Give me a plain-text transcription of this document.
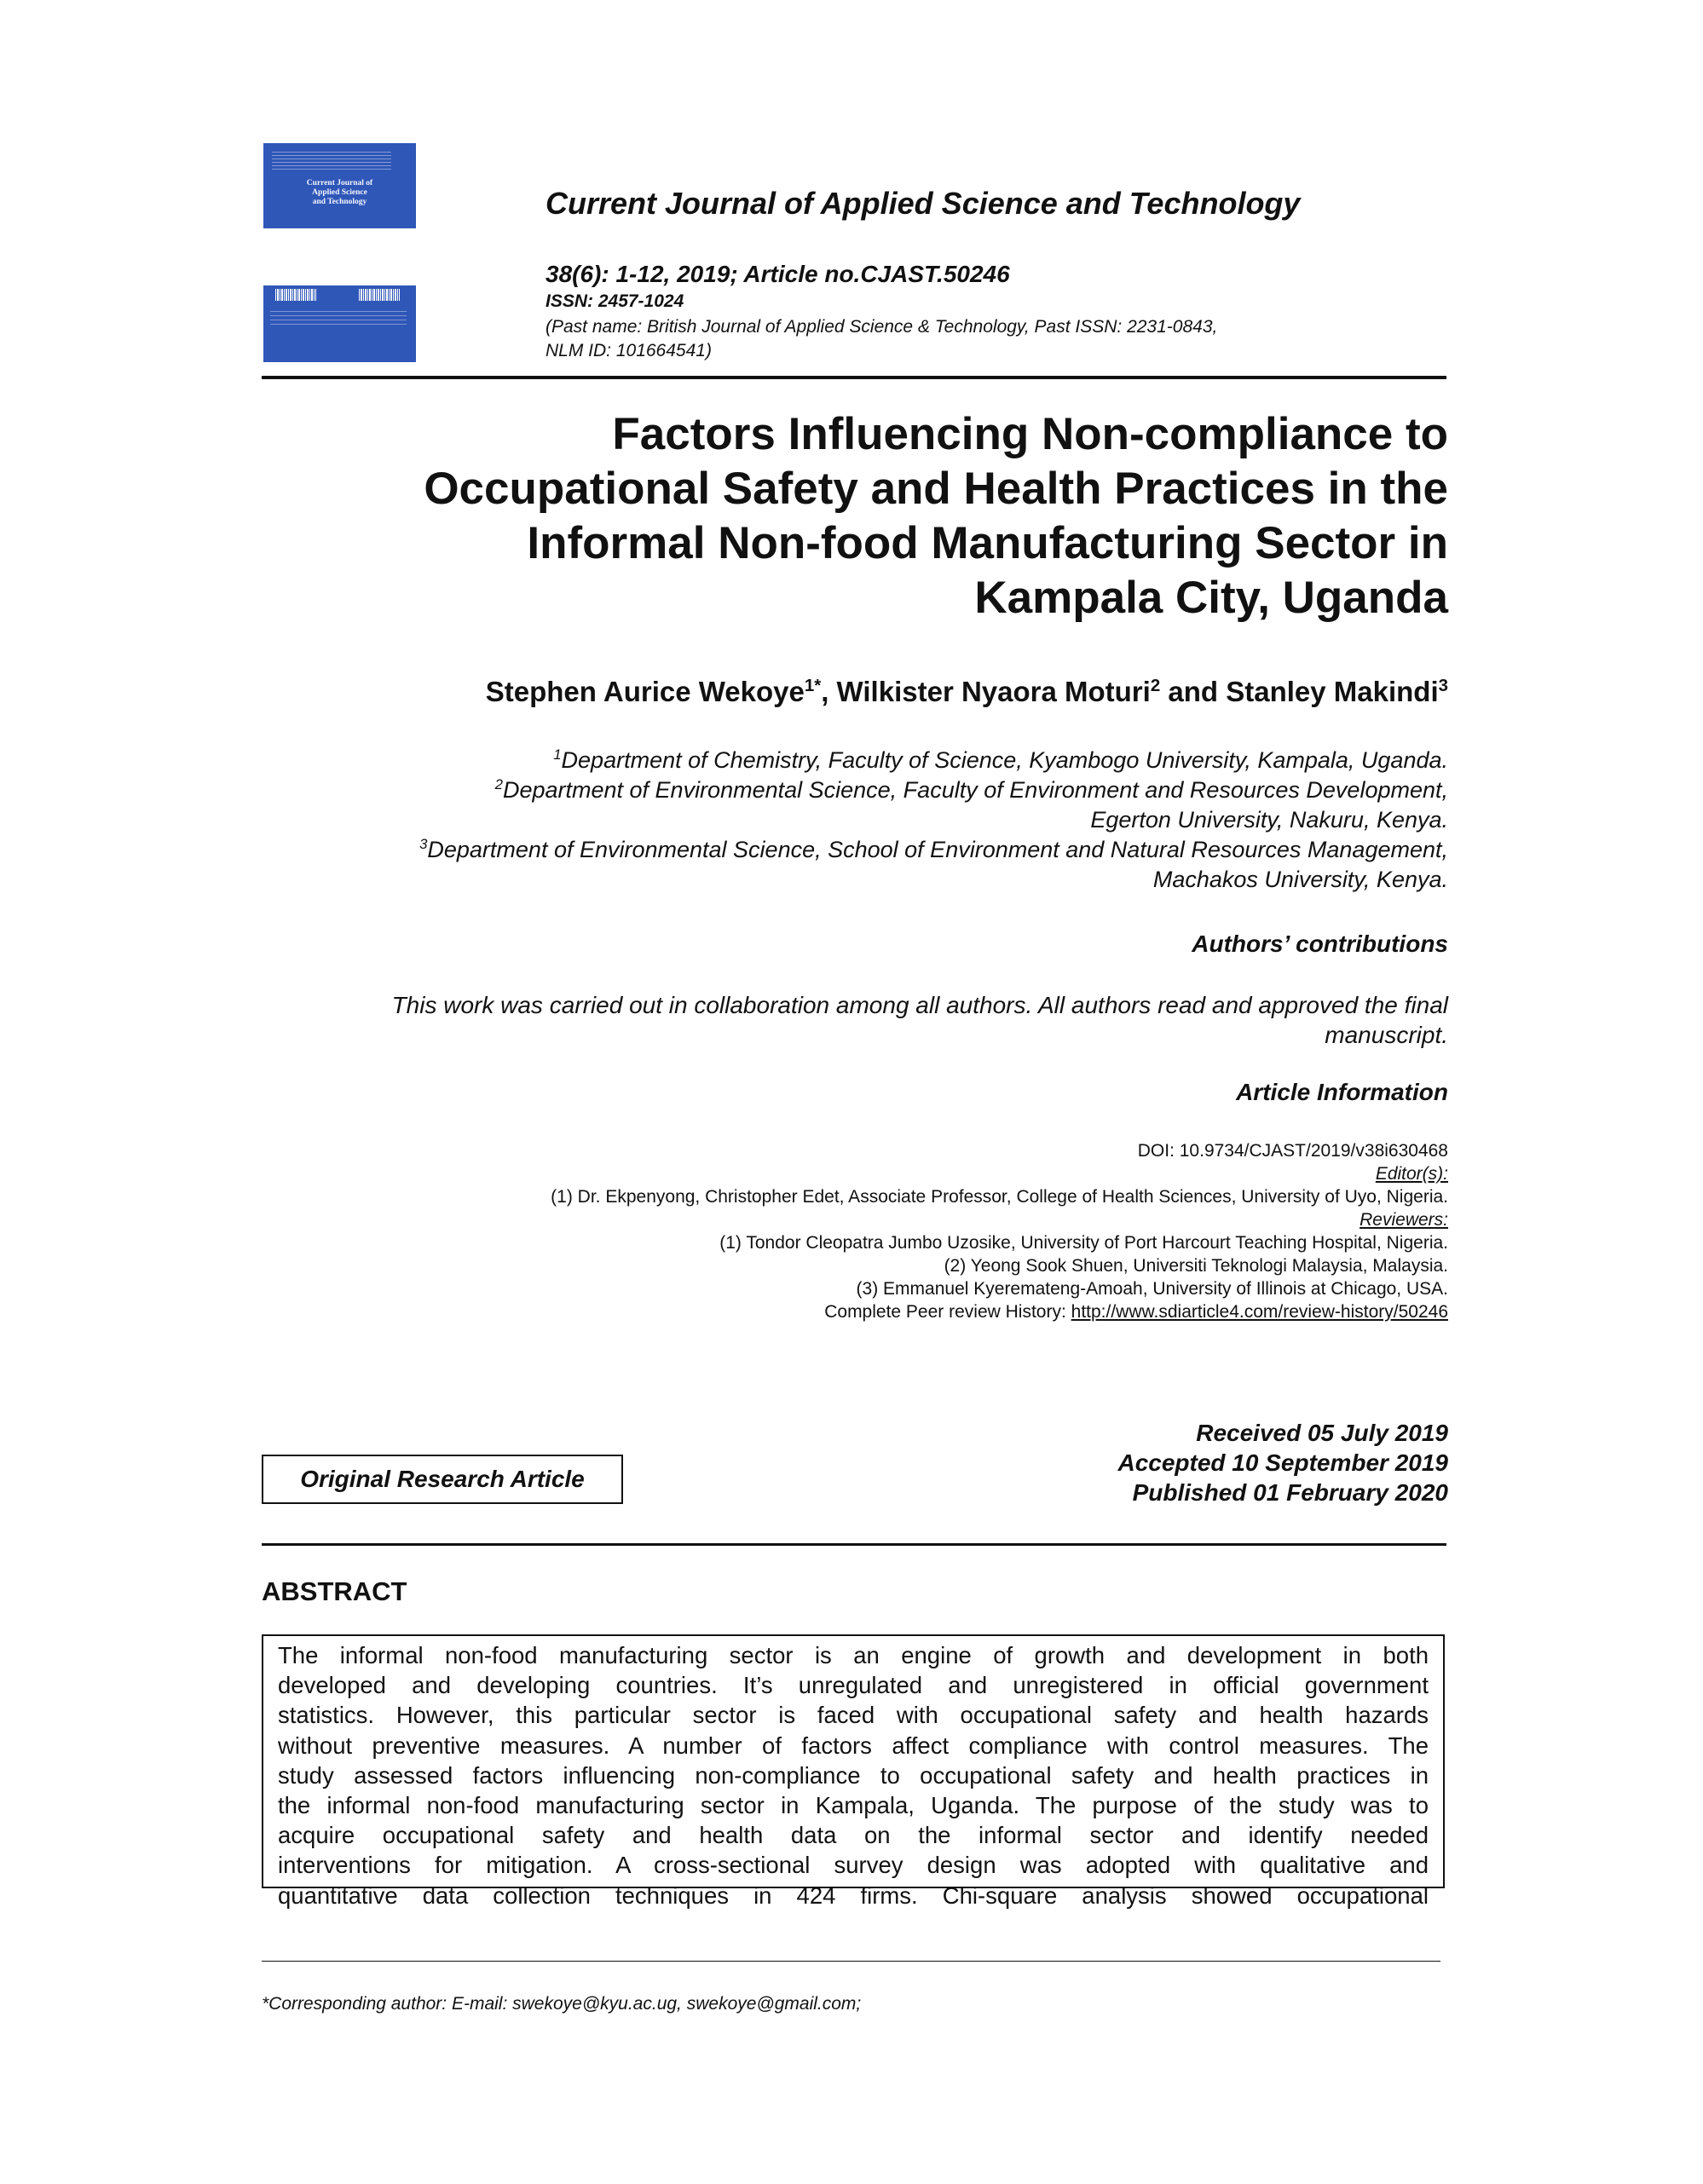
Current Journal of
Applied Science
and Technology	Current Journal of Applied Science and Technology
38(6): 1-12, 2019; Article no.CJAST.50246
ISSN: 2457-1024
(Past name: British Journal of Applied Science & Technology, Past ISSN: 2231-0843,
NLM ID: 101664541)
Factors Influencing Non-compliance to
Occupational Safety and Health Practices in the
Informal Non-food Manufacturing Sector in
Kampala City, Uganda
Stephen Aurice Wekoye$^{1*}$, Wilkister Nyaora Moturi$^2$ and Stanley Makindi$^3$

$^1$Department of Chemistry, Faculty of Science, Kyambogo University, Kampala, Uganda.

$^2$Department of Environmental Science, Faculty of Environment and Resources Development,
Egerton University, Nakuru, Kenya.

$^3$Department of Environmental Science, School of Environment and Natural Resources Management,
Machakos University, Kenya.

Authors’ contributions
This work was carried out in collaboration among all authors. All authors read and approved the final
manuscript.
Article Information
DOI: 10.9734/CJAST/2019/v38i630468
Editor(s):
(1) Dr. Ekpenyong, Christopher Edet, Associate Professor, College of Health Sciences, University of Uyo, Nigeria.
Reviewers:
(1) Tondor Cleopatra Jumbo Uzosike, University of Port Harcourt Teaching Hospital, Nigeria.
(2) Yeong Sook Shuen, Universiti Teknologi Malaysia, Malaysia.
(3) Emmanuel Kyeremateng-Amoah, University of Illinois at Chicago, USA.
Complete Peer review History: http://www.sdiarticle4.com/review-history/50246
Original Research Article
Received 05 July 2019
Accepted 10 September 2019
Published 01 February 2020
ABSTRACT
The informal non-food manufacturing sector is an engine of growth and development in both
developed and developing countries. It’s unregulated and unregistered in official government
statistics. However, this particular sector is faced with occupational safety and health hazards
without preventive measures. A number of factors affect compliance with control measures. The
study assessed factors influencing non-compliance to occupational safety and health practices in
the informal non-food manufacturing sector in Kampala, Uganda. The purpose of the study was to
acquire occupational safety and health data on the informal sector and identify needed
interventions for mitigation. A cross-sectional survey design was adopted with qualitative and
quantitative data collection techniques in 424 firms. Chi-square analysis showed occupational
*Corresponding author: E-mail: swekoye@kyu.ac.ug, swekoye@gmail.com;
